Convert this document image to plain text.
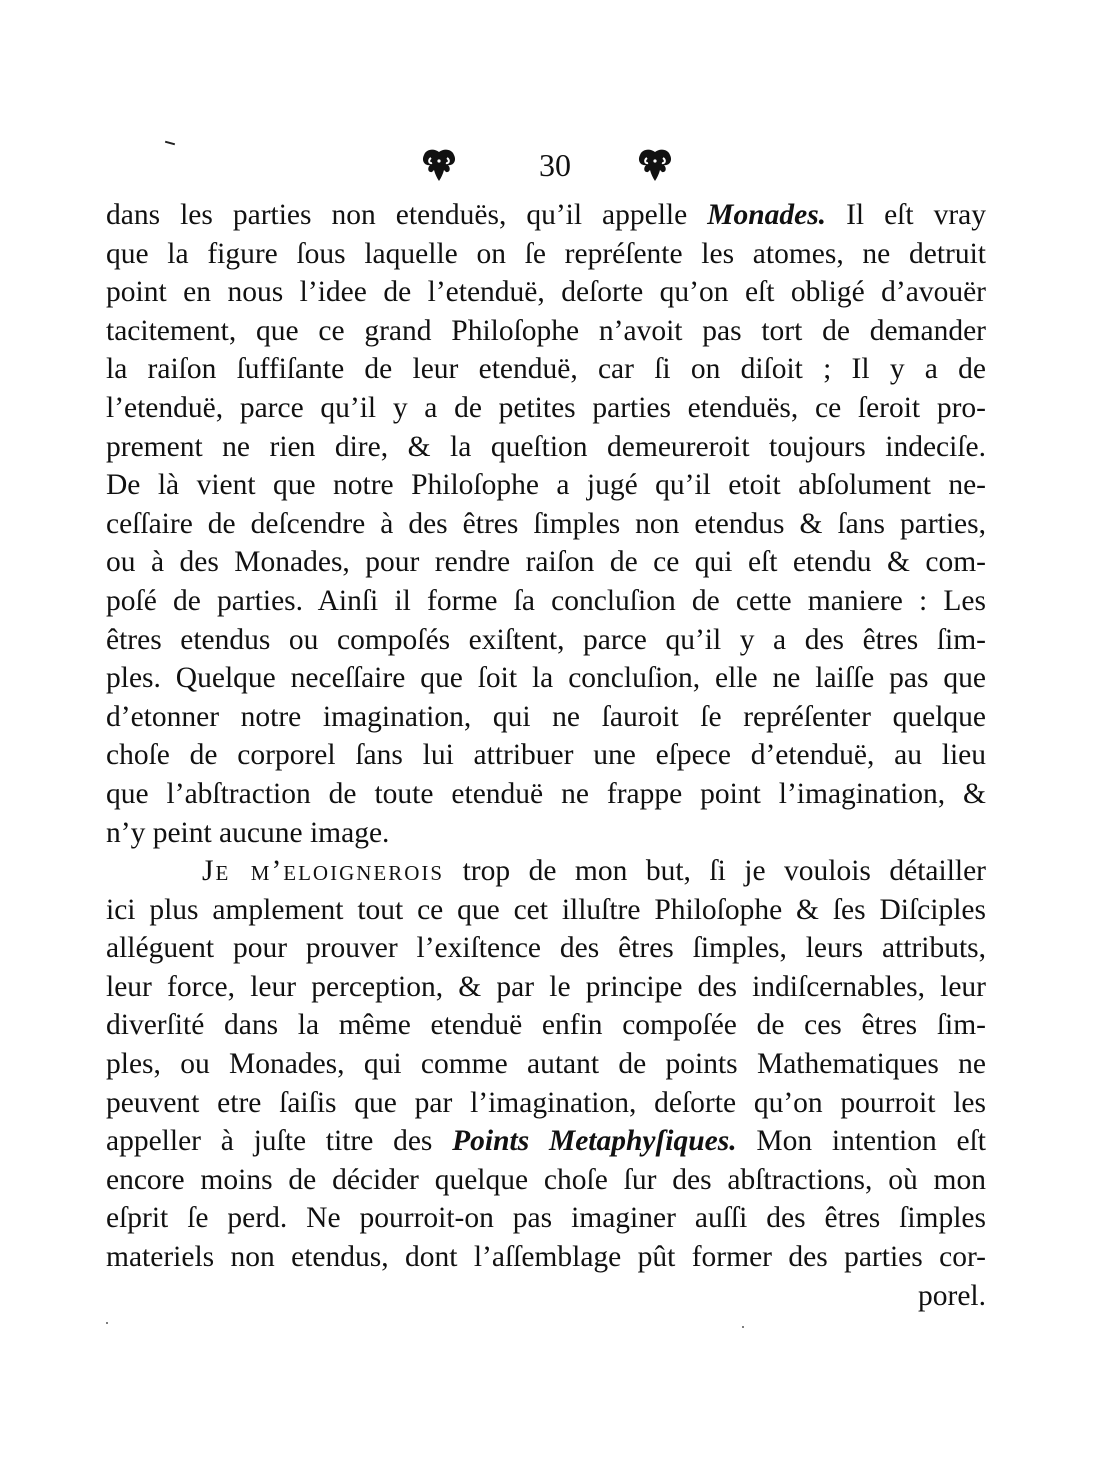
30
dans les parties non etenduës, qu’il appelle Monades. Il eſt vray
que la figure ſous laquelle on ſe repréſente les atomes, ne detruit
point en nous l’idee de l’etenduë, deſorte qu’on eſt obligé d’avouër
tacitement, que ce grand Philoſophe n’avoit pas tort de demander
la raiſon ſuffiſante de leur etenduë, car ſi on diſoit ; Il y a de
l’etenduë, parce qu’il y a de petites parties etenduës, ce ſeroit pro-
prement ne rien dire, & la queſtion demeureroit toujours indeciſe.
De là vient que notre Philoſophe a jugé qu’il etoit abſolument ne-
ceſſaire de deſcendre à des êtres ſimples non etendus & ſans parties,
ou à des Monades, pour rendre raiſon de ce qui eſt etendu & com-
poſé de parties. Ainſi il forme ſa concluſion de cette maniere : Les
êtres etendus ou compoſés exiſtent, parce qu’il y a des êtres ſim-
ples. Quelque neceſſaire que ſoit la concluſion, elle ne laiſſe pas que
d’etonner notre imagination, qui ne ſauroit ſe repréſenter quelque
choſe de corporel ſans lui attribuer une eſpece d’etenduë, au lieu
que l’abſtraction de toute etenduë ne frappe point l’imagination, &
n’y peint aucune image.
Je m’eloignerois trop de mon but, ſi je voulois détailler
ici plus amplement tout ce que cet illuſtre Philoſophe & ſes Diſciples
alléguent pour prouver l’exiſtence des êtres ſimples, leurs attributs,
leur force, leur perception, & par le principe des indiſcernables, leur
diverſité dans la même etenduë enfin compoſée de ces êtres ſim-
ples, ou Monades, qui comme autant de points Mathematiques ne
peuvent etre ſaiſis que par l’imagination, deſorte qu’on pourroit les
appeller à juſte titre des Points Metaphyſiques. Mon intention eſt
encore moins de décider quelque choſe ſur des abſtractions, où mon
eſprit ſe perd. Ne pourroit-on pas imaginer auſſi des êtres ſimples
materiels non etendus, dont l’aſſemblage pût former des parties cor-
porel.
